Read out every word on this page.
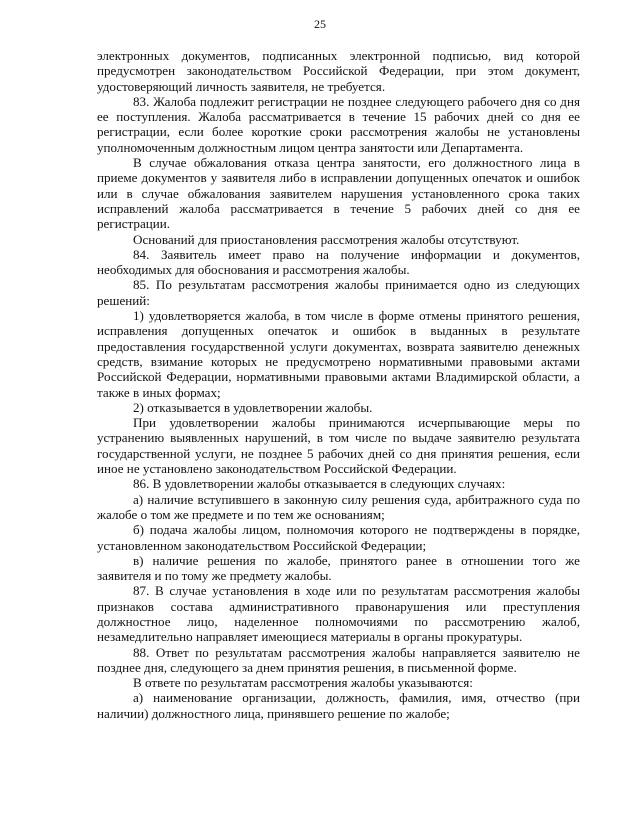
25

электронных документов, подписанных электронной подписью, вид которой предусмотрен законодательством Российской Федерации, при этом документ, удостоверяющий личность заявителя, не требуется.

83. Жалоба подлежит регистрации не позднее следующего рабочего дня со дня ее поступления. Жалоба рассматривается в течение 15 рабочих дней со дня ее регистрации, если более короткие сроки рассмотрения жалобы не установлены уполномоченным должностным лицом центра занятости или Департамента.

В случае обжалования отказа центра занятости, его должностного лица в приеме документов у заявителя либо в исправлении допущенных опечаток и ошибок или в случае обжалования заявителем нарушения установленного срока таких исправлений жалоба рассматривается в течение 5 рабочих дней со дня ее регистрации.

Оснований для приостановления рассмотрения жалобы отсутствуют.

84. Заявитель имеет право на получение информации и документов, необходимых для обоснования и рассмотрения жалобы.

85. По результатам рассмотрения жалобы принимается одно из следующих решений:

1) удовлетворяется жалоба, в том числе в форме отмены принятого решения, исправления допущенных опечаток и ошибок в выданных в результате предоставления государственной услуги документах, возврата заявителю денежных средств, взимание которых не предусмотрено нормативными правовыми актами Российской Федерации, нормативными правовыми актами Владимирской области, а также в иных формах;

2) отказывается в удовлетворении жалобы.

При удовлетворении жалобы принимаются исчерпывающие меры по устранению выявленных нарушений, в том числе по выдаче заявителю результата государственной услуги, не позднее 5 рабочих дней со дня принятия решения, если иное не установлено законодательством Российской Федерации.

86. В удовлетворении жалобы отказывается в следующих случаях:

а) наличие вступившего в законную силу решения суда, арбитражного суда по жалобе о том же предмете и по тем же основаниям;

б) подача жалобы лицом, полномочия которого не подтверждены в порядке, установленном законодательством Российской Федерации;

в) наличие решения по жалобе, принятого ранее в отношении того же заявителя и по тому же предмету жалобы.

87. В случае установления в ходе или по результатам рассмотрения жалобы признаков состава административного правонарушения или преступления должностное лицо, наделенное полномочиями по рассмотрению жалоб, незамедлительно направляет имеющиеся материалы в органы прокуратуры.

88. Ответ по результатам рассмотрения жалобы направляется заявителю не позднее дня, следующего за днем принятия решения, в письменной форме.

В ответе по результатам рассмотрения жалобы указываются:

а) наименование организации, должность, фамилия, имя, отчество (при наличии) должностного лица, принявшего решение по жалобе;
